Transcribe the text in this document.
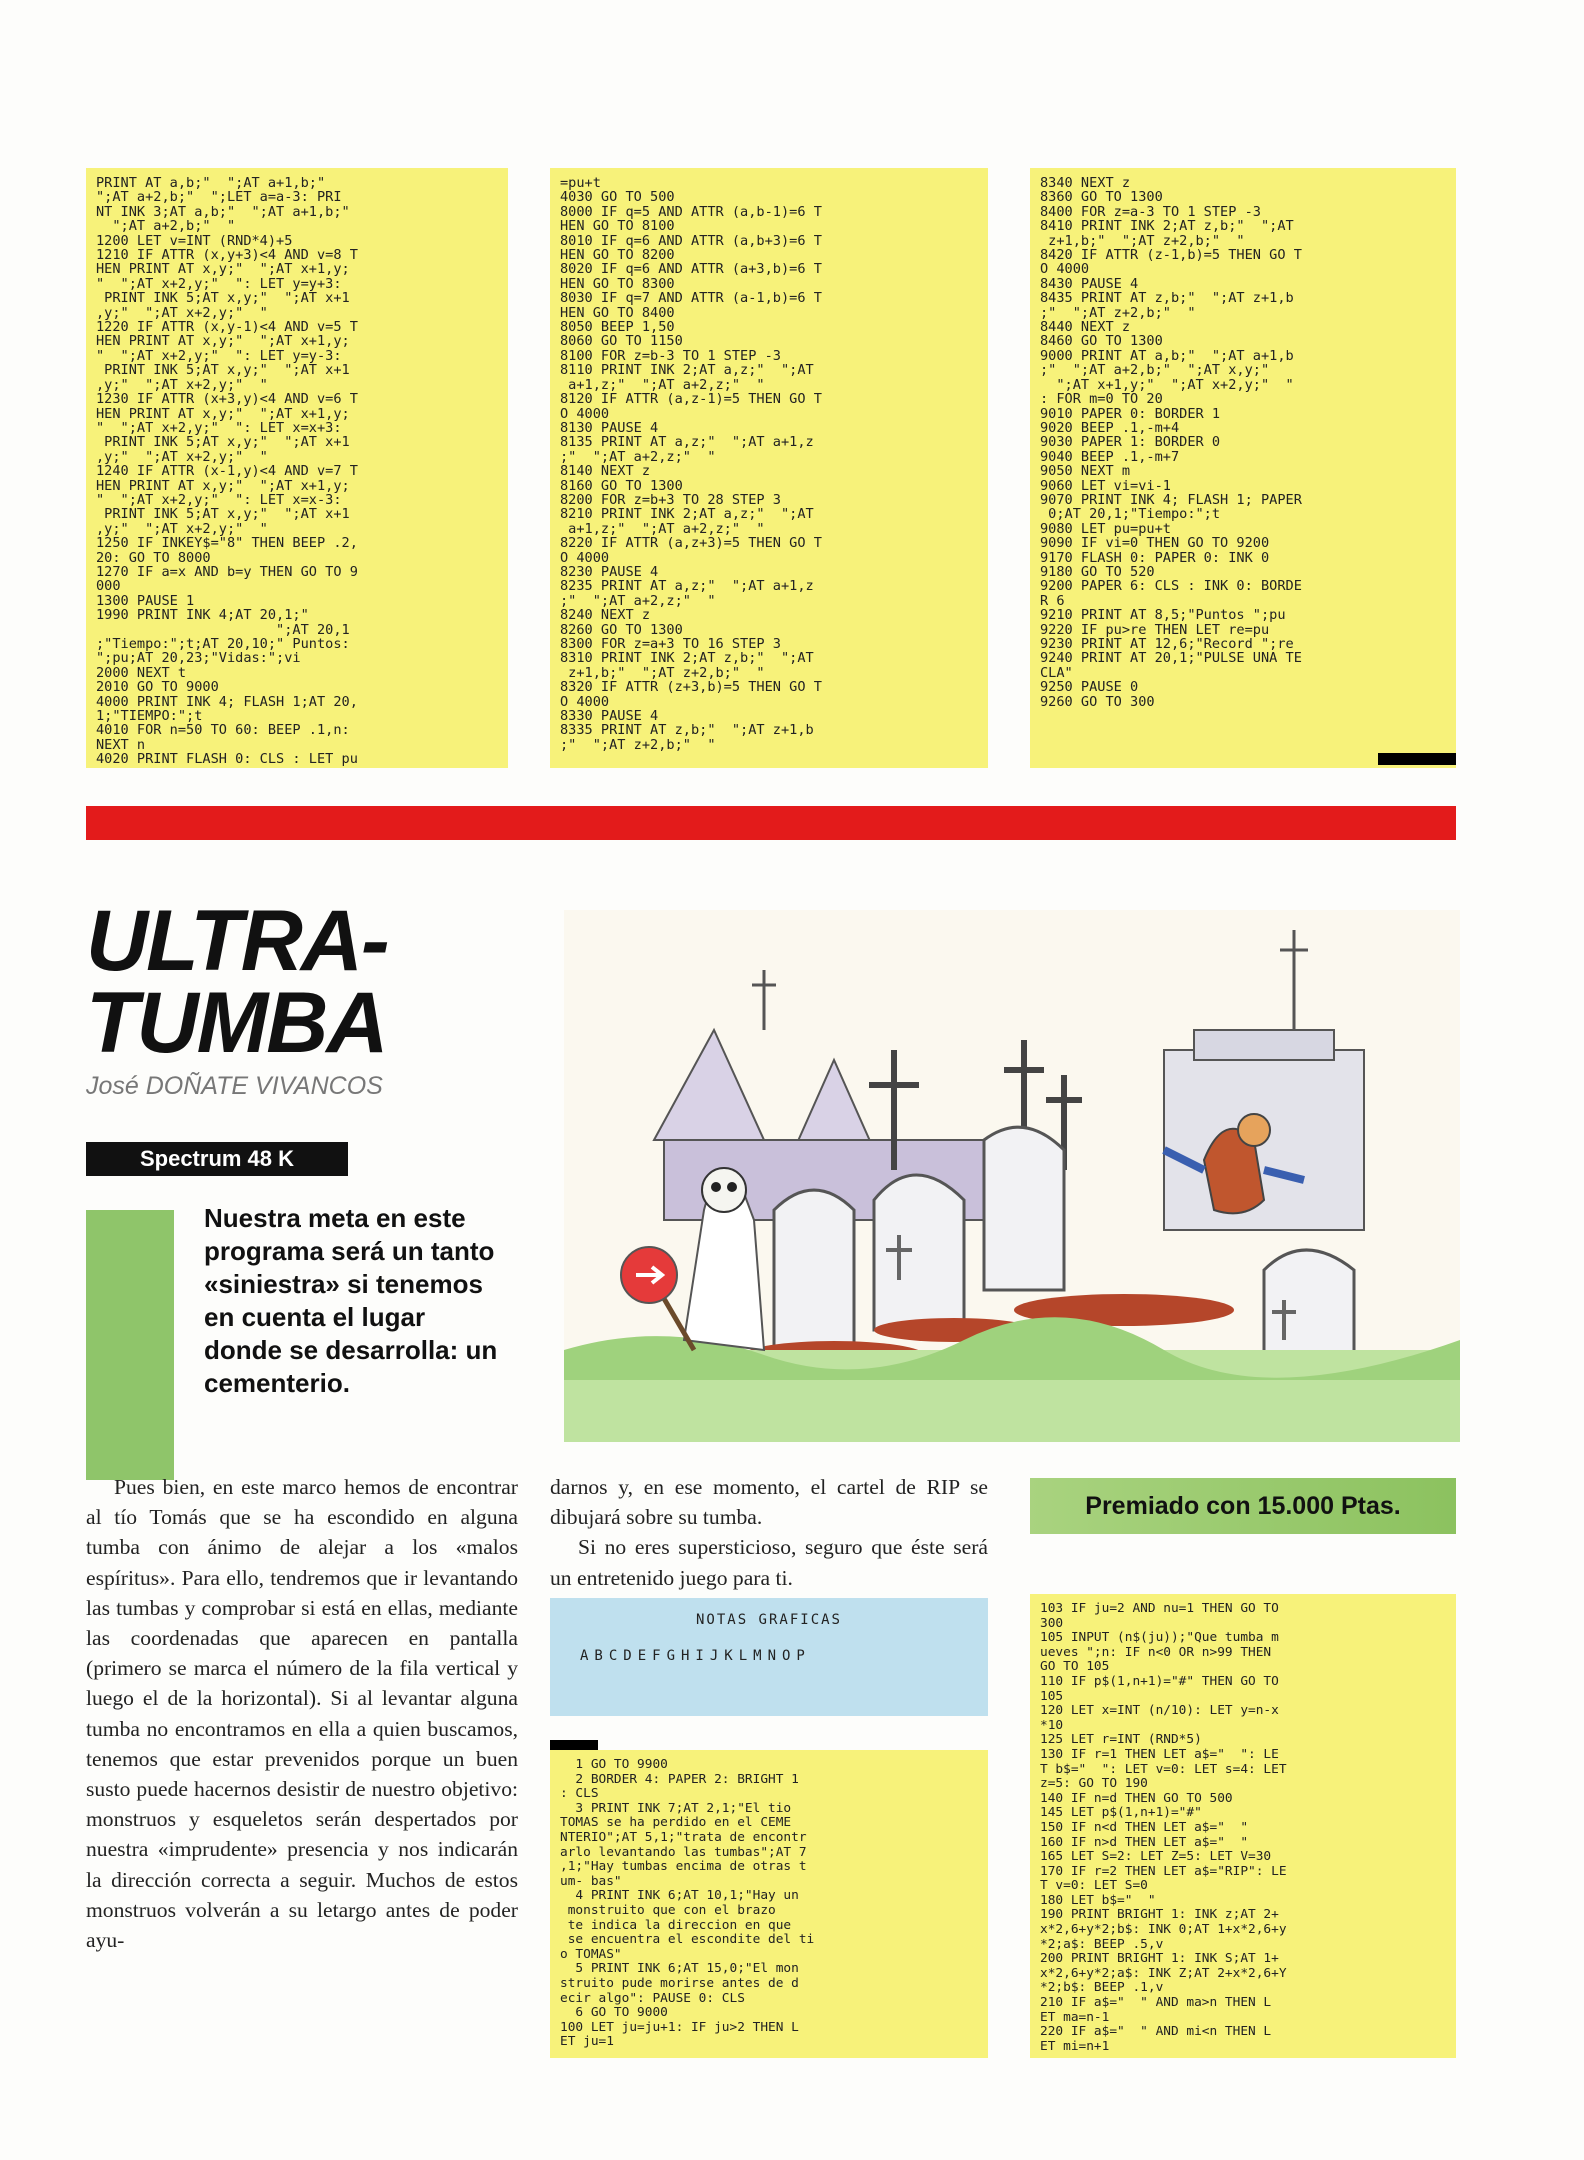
PRINT AT a,b;"  ";AT a+1,b;"
";AT a+2,b;"  ";LET a=a-3: PRI
NT INK 3;AT a,b;"  ";AT a+1,b;"
";AT a+2,b;"  "
1200 LET v=INT (RND*4)+5
1210 IF ATTR (x,y+3)<4 AND v=8 T
HEN PRINT AT x,y;"  ";AT x+1,y;
"  ";AT x+2,y;"  ": LET y=y+3:
PRINT INK 5;AT x,y;"  ";AT x+1
,y;"  ";AT x+2,y;"  "
1220 IF ATTR (x,y-1)<4 AND v=5 T
HEN PRINT AT x,y;"  ";AT x+1,y;
"  ";AT x+2,y;"  ": LET y=y-3:
PRINT INK 5;AT x,y;"  ";AT x+1
,y;"  ";AT x+2,y;"  "
1230 IF ATTR (x+3,y)<4 AND v=6 T
HEN PRINT AT x,y;"  ";AT x+1,y;
"  ";AT x+2,y;"  ": LET x=x+3:
PRINT INK 5;AT x,y;"  ";AT x+1
,y;"  ";AT x+2,y;"  "
1240 IF ATTR (x-1,y)<4 AND v=7 T
HEN PRINT AT x,y;"  ";AT x+1,y;
"  ";AT x+2,y;"  ": LET x=x-3:
PRINT INK 5;AT x,y;"  ";AT x+1
,y;"  ";AT x+2,y;"  "
1250 IF INKEY$="8" THEN BEEP .2,
20: GO TO 8000
1270 IF a=x AND b=y THEN GO TO 9
000
1300 PAUSE 1
1990 PRINT INK 4;AT 20,1;"
";AT 20,1
;"Tiempo:";t;AT 20,10;" Puntos:
";pu;AT 20,23;"Vidas:";vi
2000 NEXT t
2010 GO TO 9000
4000 PRINT INK 4; FLASH 1;AT 20,
1;"TIEMPO:";t
4010 FOR n=50 TO 60: BEEP .1,n:
NEXT n
4020 PRINT FLASH 0: CLS : LET pu
=pu+t
4030 GO TO 500
8000 IF q=5 AND ATTR (a,b-1)=6 T
HEN GO TO 8100
8010 IF q=6 AND ATTR (a,b+3)=6 T
HEN GO TO 8200
8020 IF q=6 AND ATTR (a+3,b)=6 T
HEN GO TO 8300
8030 IF q=7 AND ATTR (a-1,b)=6 T
HEN GO TO 8400
8050 BEEP 1,50
8060 GO TO 1150
8100 FOR z=b-3 TO 1 STEP -3
8110 PRINT INK 2;AT a,z;"  ";AT
a+1,z;"  ";AT a+2,z;"  "
8120 IF ATTR (a,z-1)=5 THEN GO T
O 4000
8130 PAUSE 4
8135 PRINT AT a,z;"  ";AT a+1,z
;"  ";AT a+2,z;"  "
8140 NEXT z
8160 GO TO 1300
8200 FOR z=b+3 TO 28 STEP 3
8210 PRINT INK 2;AT a,z;"  ";AT
a+1,z;"  ";AT a+2,z;"  "
8220 IF ATTR (a,z+3)=5 THEN GO T
O 4000
8230 PAUSE 4
8235 PRINT AT a,z;"  ";AT a+1,z
;"  ";AT a+2,z;"  "
8240 NEXT z
8260 GO TO 1300
8300 FOR z=a+3 TO 16 STEP 3
8310 PRINT INK 2;AT z,b;"  ";AT
z+1,b;"  ";AT z+2,b;"  "
8320 IF ATTR (z+3,b)=5 THEN GO T
O 4000
8330 PAUSE 4
8335 PRINT AT z,b;"  ";AT z+1,b
;"  ";AT z+2,b;"  "
8340 NEXT z
8360 GO TO 1300
8400 FOR z=a-3 TO 1 STEP -3
8410 PRINT INK 2;AT z,b;"  ";AT
z+1,b;"  ";AT z+2,b;"  "
8420 IF ATTR (z-1,b)=5 THEN GO T
O 4000
8430 PAUSE 4
8435 PRINT AT z,b;"  ";AT z+1,b
;"  ";AT z+2,b;"  "
8440 NEXT z
8460 GO TO 1300
9000 PRINT AT a,b;"  ";AT a+1,b
;"  ";AT a+2,b;"  ";AT x,y;"
";AT x+1,y;"  ";AT x+2,y;"  "
: FOR m=0 TO 20
9010 PAPER 0: BORDER 1
9020 BEEP .1,-m+4
9030 PAPER 1: BORDER 0
9040 BEEP .1,-m+7
9050 NEXT m
9060 LET vi=vi-1
9070 PRINT INK 4; FLASH 1; PAPER
0;AT 20,1;"Tiempo:";t
9080 LET pu=pu+t
9090 IF vi=0 THEN GO TO 9200
9170 FLASH 0: PAPER 0: INK 0
9180 GO TO 520
9200 PAPER 6: CLS : INK 0: BORDE
R 6
9210 PRINT AT 8,5;"Puntos ";pu
9220 IF pu>re THEN LET re=pu
9230 PRINT AT 12,6;"Record ";re
9240 PRINT AT 20,1;"PULSE UNA TE
CLA"
9250 PAUSE 0
9260 GO TO 300
ULTRA-
TUMBA
José DOÑATE VIVANCOS
Spectrum 48 K
Nuestra meta en este programa será un tanto «siniestra» si tenemos en cuenta el lugar donde se desarrolla: un cementerio.

Pues bien, en este marco hemos de encontrar al tío Tomás que se ha escondido en alguna tumba con ánimo de alejar a los «malos espíritus». Para ello, tendremos que ir levantando las tumbas y comprobar si está en ellas, mediante las coordenadas que aparecen en pantalla (primero se marca el número de la fila vertical y luego el de la horizontal). Si al levantar alguna tumba no encontramos en ella a quien buscamos, tenemos que estar prevenidos porque un buen susto puede hacernos desistir de nuestro objetivo: monstruos y esqueletos serán despertados por nuestra «imprudente» presencia y nos indicarán la dirección correcta a seguir. Muchos de estos monstruos volverán a su letargo antes de poder ayu-

darnos y, en ese momento, el cartel de RIP se dibujará sobre su tumba.

Si no eres supersticioso, seguro que éste será un entretenido juego para ti.

Premiado con 15.000 Ptas.
NOTAS GRAFICAS
ABCDEFGHIJKLMNOP
1 GO TO 9900
2 BORDER 4: PAPER 2: BRIGHT 1
: CLS
3 PRINT INK 7;AT 2,1;"El tio
TOMAS se ha perdido en el CEME
NTERIO";AT 5,1;"trata de encontr
arlo levantando las tumbas";AT 7
,1;"Hay tumbas encima de otras t
um- bas"
4 PRINT INK 6;AT 10,1;"Hay un
monstruito que con el brazo
te indica la direccion en que
se encuentra el escondite del ti
o TOMAS"
5 PRINT INK 6;AT 15,0;"El mon
struito pude morirse antes de d
ecir algo": PAUSE 0: CLS
6 GO TO 9000
100 LET ju=ju+1: IF ju>2 THEN L
ET ju=1
103 IF ju=2 AND nu=1 THEN GO TO
300
105 INPUT (n$(ju));"Que tumba m
ueves ";n: IF n<0 OR n>99 THEN
GO TO 105
110 IF p$(1,n+1)="#" THEN GO TO
105
120 LET x=INT (n/10): LET y=n-x
*10
125 LET r=INT (RND*5)
130 IF r=1 THEN LET a$="  ": LE
T b$="  ": LET v=0: LET s=4: LET
z=5: GO TO 190
140 IF n=d THEN GO TO 500
145 LET p$(1,n+1)="#"
150 IF n<d THEN LET a$="  "
160 IF n>d THEN LET a$="  "
165 LET S=2: LET Z=5: LET V=30
170 IF r=2 THEN LET a$="RIP": LE
T v=0: LET S=0
180 LET b$="  "
190 PRINT BRIGHT 1: INK z;AT 2+
x*2,6+y*2;b$: INK 0;AT 1+x*2,6+y
*2;a$: BEEP .5,v
200 PRINT BRIGHT 1: INK S;AT 1+
x*2,6+y*2;a$: INK Z;AT 2+x*2,6+Y
*2;b$: BEEP .1,v
210 IF a$="  " AND ma>n THEN L
ET ma=n-1
220 IF a$="  " AND mi<n THEN L
ET mi=n+1
